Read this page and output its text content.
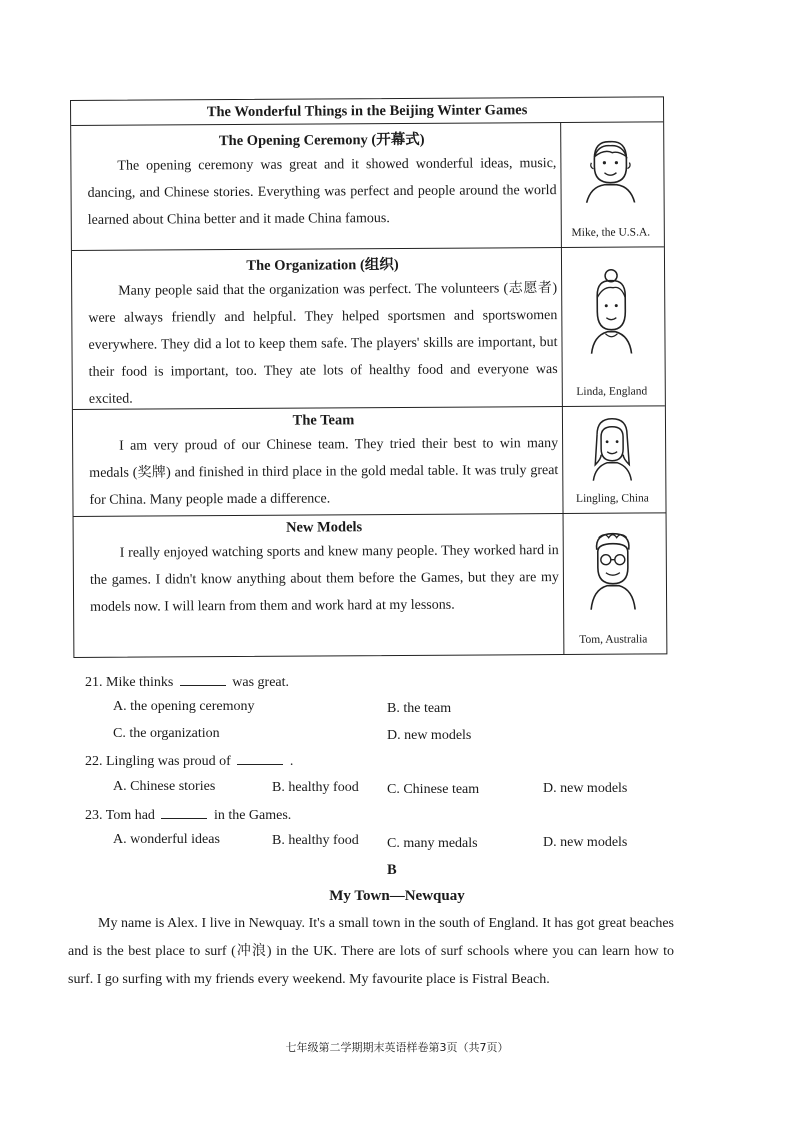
The Wonderful Things in the Beijing Winter Games
The Opening Ceremony (开幕式)
The opening ceremony was great and it showed wonderful ideas, music, dancing, and Chinese stories. Everything was perfect and people around the world learned about China better and it made China famous.
Mike, the U.S.A.
The Organization (组织)
Many people said that the organization was perfect. The volunteers (志愿者) were always friendly and helpful. They helped sportsmen and sportswomen everywhere. They did a lot to keep them safe. The players' skills are important, but their food is important, too. They ate lots of healthy food and everyone was excited.	Linda, England
The Team
I am very proud of our Chinese team. They tried their best to win many medals (奖牌) and finished in third place in the gold medal table. It was truly great for China. Many people made a difference.	Lingling, China
New Models
I really enjoyed watching sports and knew many people. They worked hard in the games. I didn't know anything about them before the Games, but they are my models now. I will learn from them and work hard at my lessons.
Tom, Australia
21. Mike thinks	was great.
A. the opening ceremony	B. the team
C. the organization	D. new models
22. Lingling was proud of	.
A. Chinese stories	B. healthy food C. Chinese team	D. new models
23. Tom had	in the Games.
A. wonderful ideas	B. healthy food C. many medals	D. new models
B
My Town—Newquay
My name is Alex. I live in Newquay. It's a small town in the south of England. It has got great beaches and is the best place to surf (冲浪) in the UK. There are lots of surf schools where you can learn how to surf. I go surfing with my friends every weekend. My favourite place is Fistral Beach.
七年级第二学期期末英语样卷第3页（共7页）
